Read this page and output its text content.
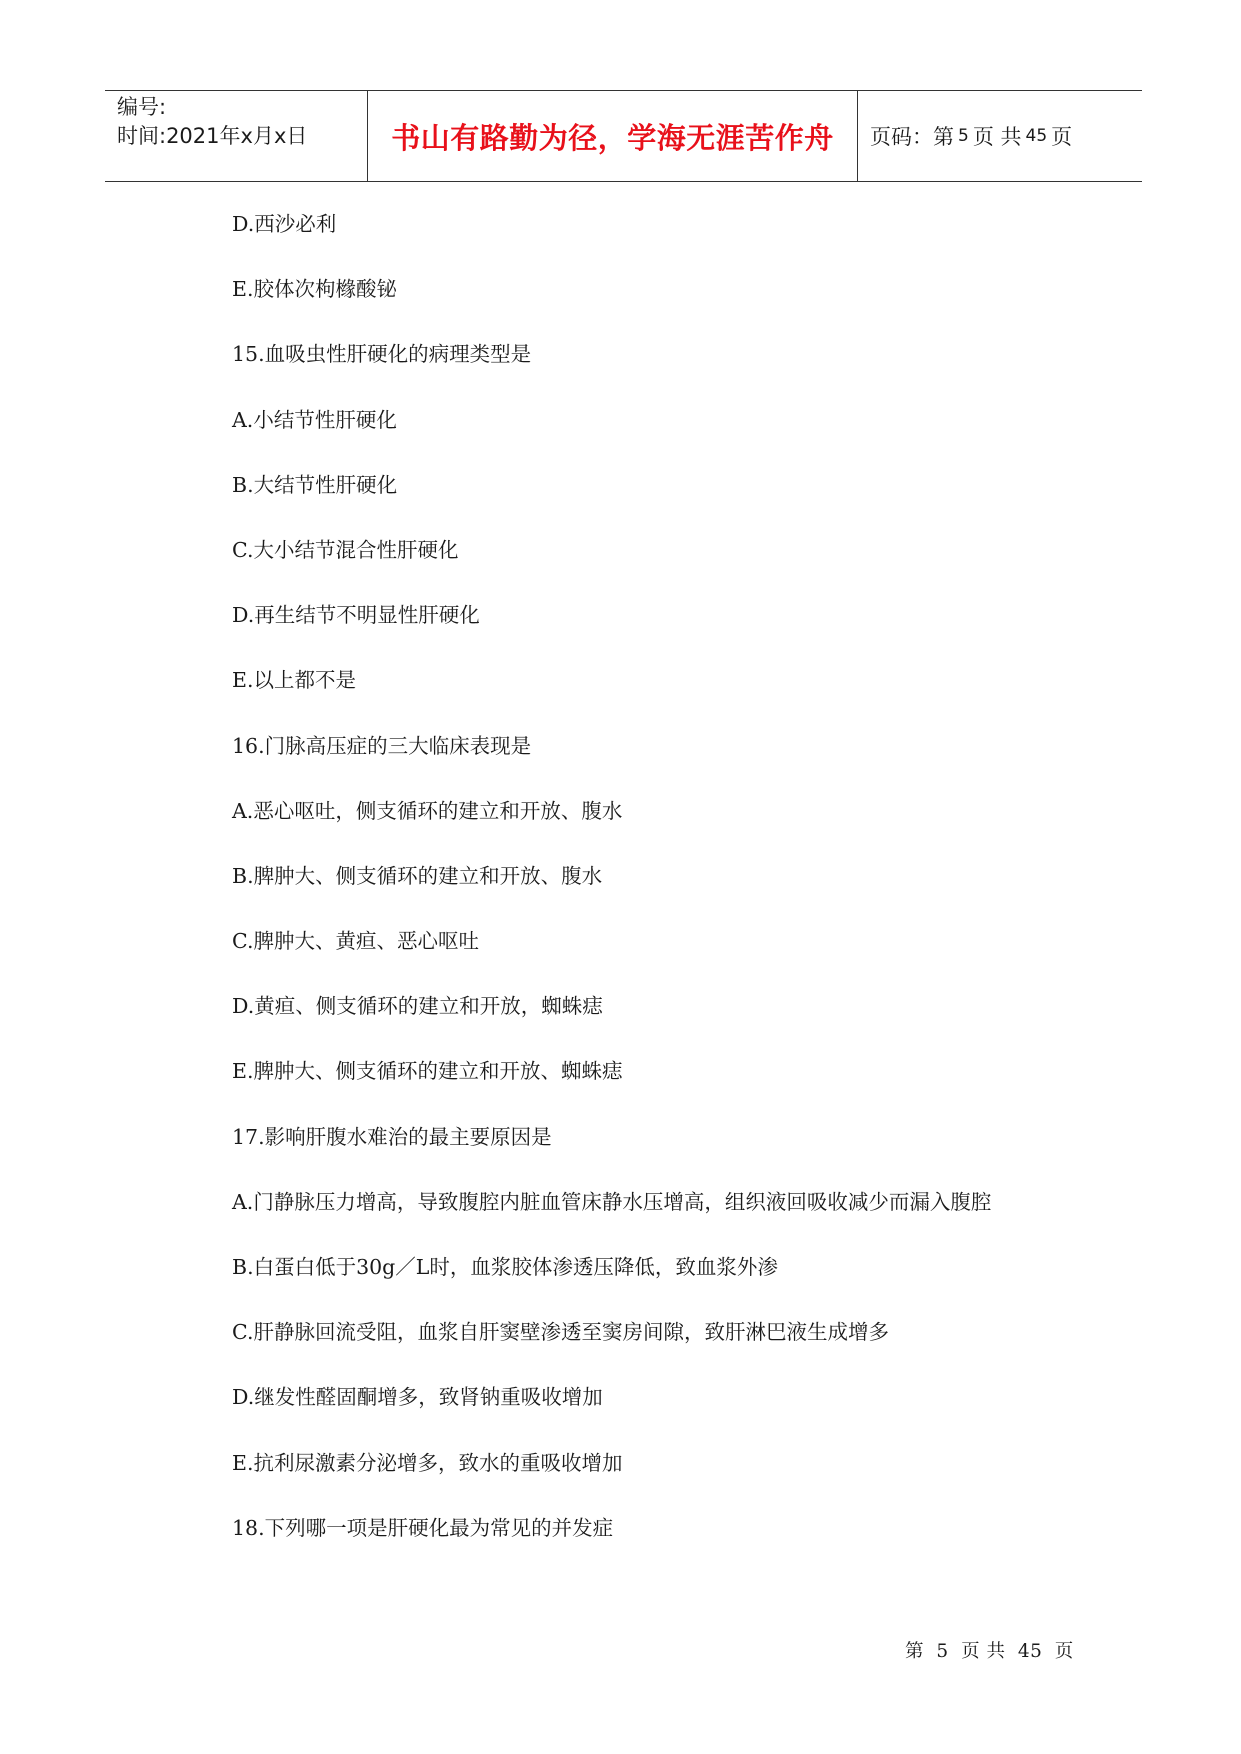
编号:
时间:2021年x月x日	书山有路勤为径，学海无涯苦作舟	页码：第 5 页 共 45 页
D.西沙必利
E.胶体次枸橼酸铋
15.血吸虫性肝硬化的病理类型是
A.小结节性肝硬化
B.大结节性肝硬化
C.大小结节混合性肝硬化
D.再生结节不明显性肝硬化
E.以上都不是
16.门脉高压症的三大临床表现是
A.恶心呕吐，侧支循环的建立和开放、腹水
B.脾肿大、侧支循环的建立和开放、腹水
C.脾肿大、黄疸、恶心呕吐
D.黄疸、侧支循环的建立和开放，蜘蛛痣
E.脾肿大、侧支循环的建立和开放、蜘蛛痣
17.影响肝腹水难治的最主要原因是
A.门静脉压力增高，导致腹腔内脏血管床静水压增高，组织液回吸收减少而漏入腹腔
B.白蛋白低于30g／L时，血浆胶体渗透压降低，致血浆外渗
C.肝静脉回流受阻，血浆自肝窦壁渗透至窦房间隙，致肝淋巴液生成增多
D.继发性醛固酮增多，致肾钠重吸收增加
E.抗利尿激素分泌增多，致水的重吸收增加
18.下列哪一项是肝硬化最为常见的并发症
第 5 页 共 45 页
